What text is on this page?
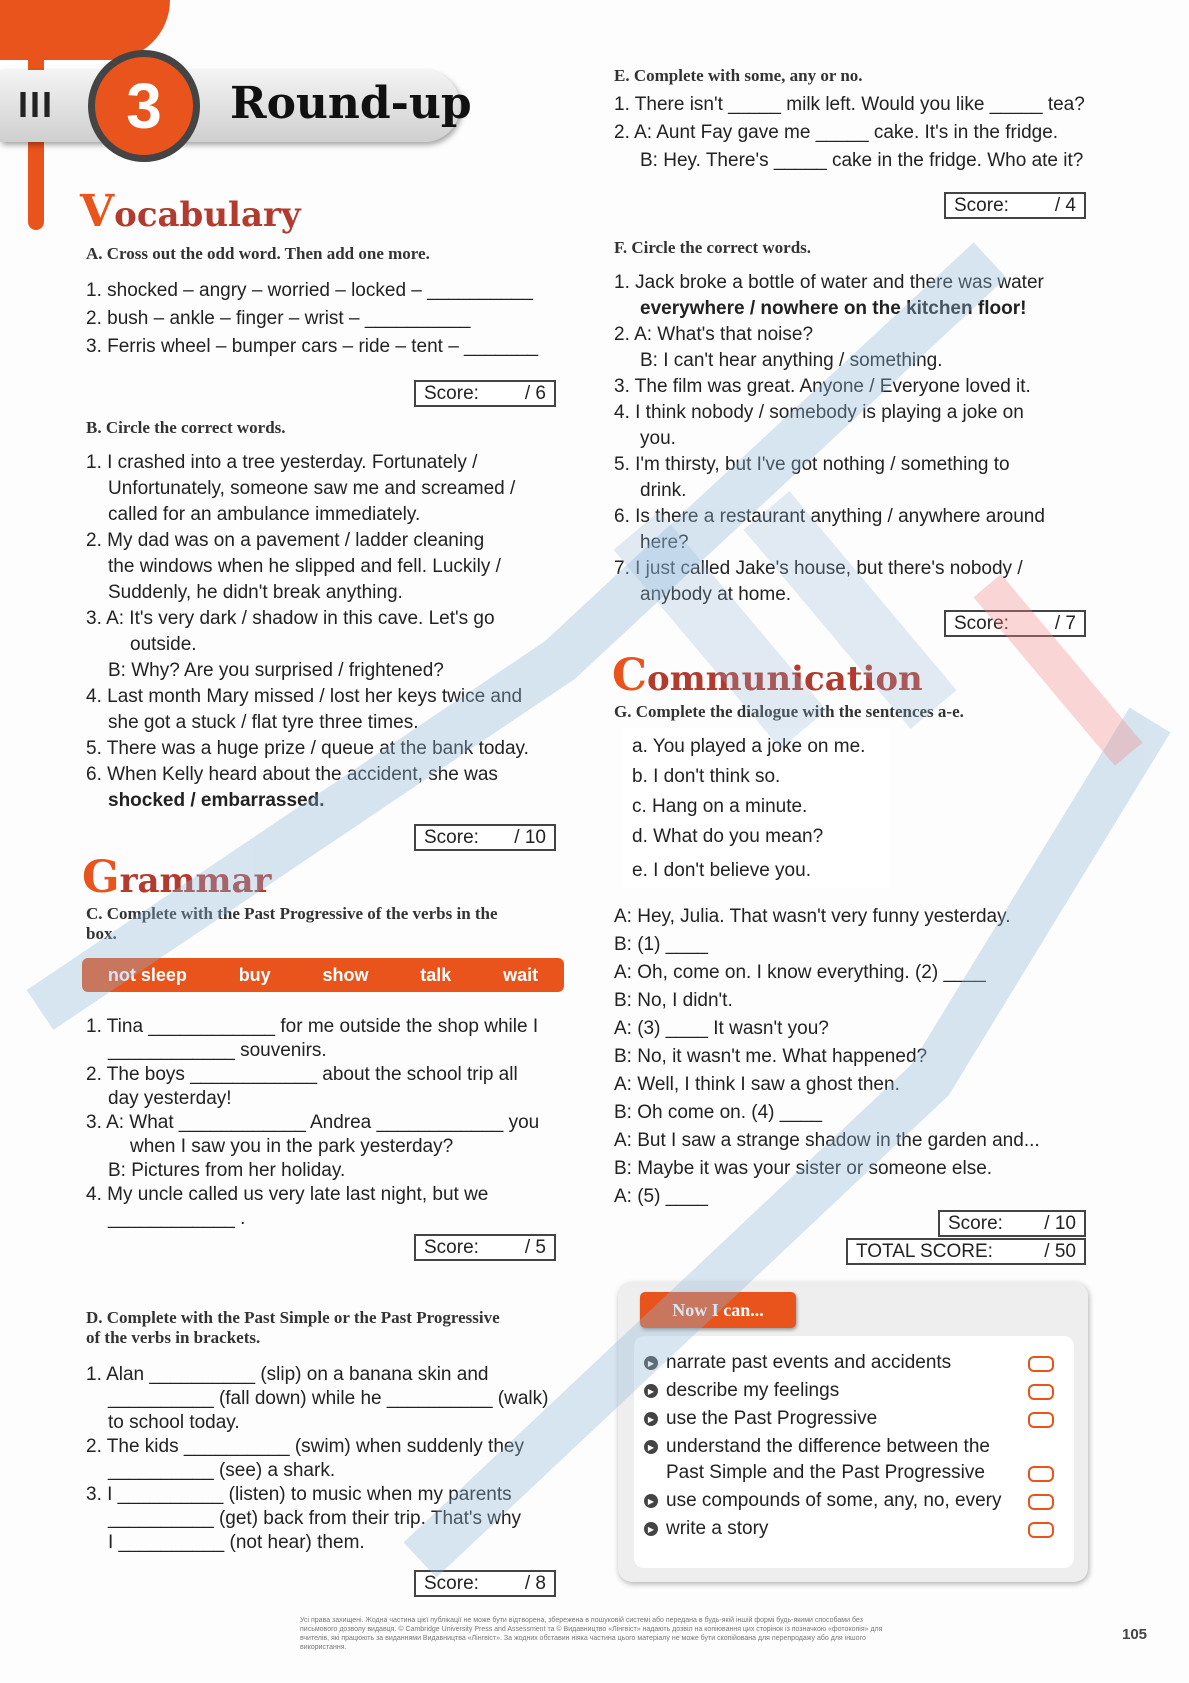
III	3	Round-up
Vocabulary
A. Cross out the odd word. Then add one more.
1. shocked – angry – worried – locked – __________
2. bush – ankle – finger – wrist – __________
3. Ferris wheel – bumper cars – ride – tent – _______
Score: / 6
B. Circle the correct words.
1. I crashed into a tree yesterday. Fortunately /
Unfortunately, someone saw me and screamed /
called for an ambulance immediately.
2. My dad was on a pavement / ladder cleaning
the windows when he slipped and fell. Luckily /
Suddenly, he didn't break anything.
3. A: It's very dark / shadow in this cave. Let's go
outside.
B: Why? Are you surprised / frightened?
4. Last month Mary missed / lost her keys twice and
she got a stuck / flat tyre three times.
5. There was a huge prize / queue at the bank today.
6. When Kelly heard about the accident, she was
shocked / embarrassed.
Score: / 10
Grammar
C. Complete with the Past Progressive of the verbs in the
box.
not sleep	buy	show	talk	wait
1. Tina ____________ for me outside the shop while I
____________ souvenirs.
2. The boys ____________ about the school trip all
day yesterday!
3. A: What ____________ Andrea ____________ you
when I saw you in the park yesterday?
B: Pictures from her holiday.
4. My uncle called us very late last night, but we
____________ .
Score: / 5
D. Complete with the Past Simple or the Past Progressive
of the verbs in brackets.
1. Alan __________ (slip) on a banana skin and
__________ (fall down) while he __________ (walk)
to school today.
2. The kids __________ (swim) when suddenly they
__________ (see) a shark.
3. I __________ (listen) to music when my parents
__________ (get) back from their trip. That's why
I __________ (not hear) them.
Score: / 8
E. Complete with some, any or no.
1. There isn't _____ milk left. Would you like _____ tea?
2. A: Aunt Fay gave me _____ cake. It's in the fridge.
B: Hey. There's _____ cake in the fridge. Who ate it?
Score: / 4
F. Circle the correct words.
1. Jack broke a bottle of water and there was water
everywhere / nowhere on the kitchen floor!
2. A: What's that noise?
B: I can't hear anything / something.
3. The film was great. Anyone / Everyone loved it.
4. I think nobody / somebody is playing a joke on
you.
5. I'm thirsty, but I've got nothing / something to
drink.
6. Is there a restaurant anything / anywhere around
here?
7. I just called Jake's house, but there's nobody /
anybody at home.
Score: / 7
Communication
G. Complete the dialogue with the sentences a-e.
a. You played a joke on me.
b. I don't think so.
c. Hang on a minute.
d. What do you mean?
e. I don't believe you.
A: Hey, Julia. That wasn't very funny yesterday.
B: (1) ____
A: Oh, come on. I know everything. (2) ____
B: No, I didn't.
A: (3) ____ It wasn't you?
B: No, it wasn't me. What happened?
A: Well, I think I saw a ghost then.
B: Oh come on. (4) ____
A: But I saw a strange shadow in the garden and...
B: Maybe it was your sister or someone else.
A: (5) ____
Score: / 10
TOTAL SCORE:	/ 50
Now I can...
▶ narrate past events and accidents
▶ describe my feelings
▶ use the Past Progressive
▶ understand the difference between the
Past Simple and the Past Progressive
▶ use compounds of some, any, no, every
▶ write a story
Усі права захищені. Жодна частина цієї публікації не може бути відтворена, збережена в пошуковій системі або передана в будь-якій іншій формі будь-якими способами без письмового дозволу видавця. © Cambridge University Press and Assessment та © Видавництво «Лінгвіст» надають дозвіл на копіювання цих сторінок із позначкою «фотокопія» для вчителів, які працюють за виданнями Видавництва «Лінгвіст». За жодних обставин ніяка частина цього матеріалу не може бути скопійована для перепродажу або для іншого використання.
105
